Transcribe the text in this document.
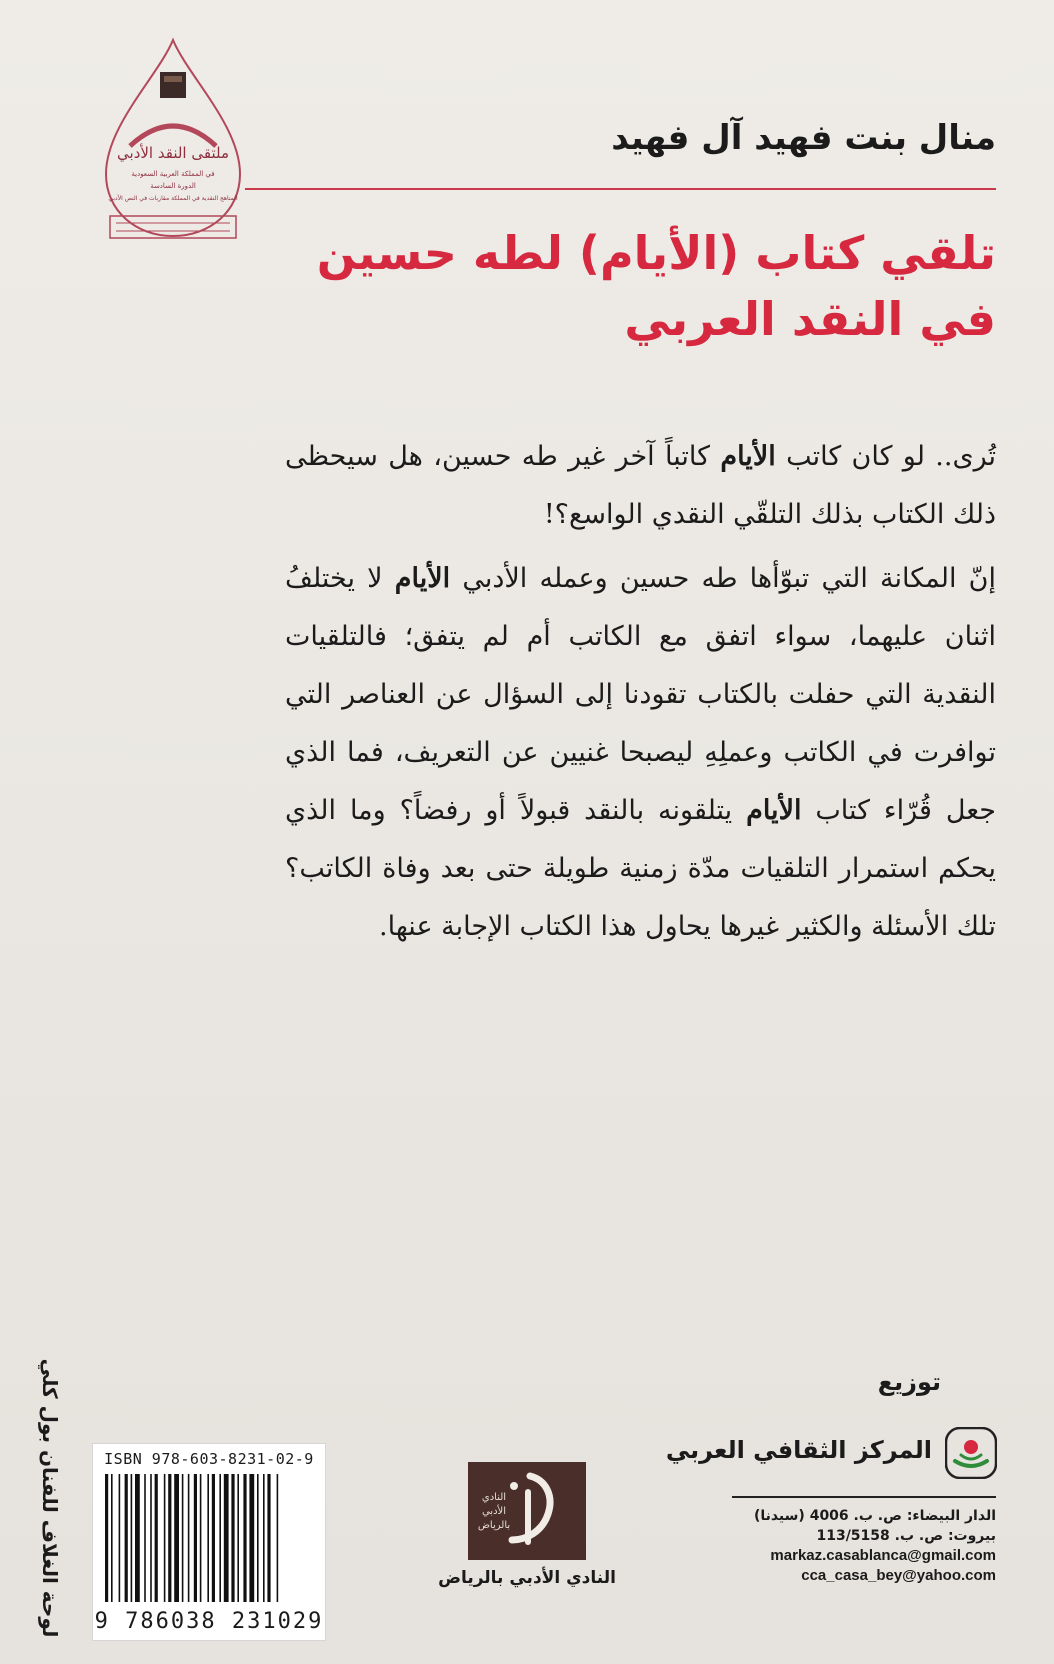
ملتقى النقد الأدبي
في المملكة العربية السعودية
الدورة السادسة
المناهج النقدية في المملكة مقاربات في النص الأدبي
منال بنت فهيد آل فهيد
تلقي كتاب (الأيام) لطه حسين
في النقد العربي

تُرى.. لو كان كاتب الأيام كاتباً آخر غير طه حسين، هل سيحظى ذلك الكتاب بذلك التلقّي النقدي الواسع؟!

إنّ المكانة التي تبوّأها طه حسين وعمله الأدبي الأيام لا يختلفُ اثنان عليهما، سواء اتفق مع الكاتب أم لم يتفق؛ فالتلقيات النقدية التي حفلت بالكتاب تقودنا إلى السؤال عن العناصر التي توافرت في الكاتب وعملِهِ ليصبحا غنيين عن التعريف، فما الذي جعل قُرّاء كتاب الأيام يتلقونه بالنقد قبولاً أو رفضاً؟ وما الذي يحكم استمرار التلقيات مدّة زمنية طويلة حتى بعد وفاة الكاتب؟ تلك الأسئلة والكثير غيرها يحاول هذا الكتاب الإجابة عنها.

لوحة الغلاف للفنان بول كلي	ISBN 978-603-8231-02-9
9 786038 231029
النادي
الأدبي
بالرياض
النادي الأدبي بالرياض
توزيع
المركز الثقافي العربي
الدار البيضاء: ص. ب. 4006 (سيدنا)
بيروت: ص. ب. 113/5158
markaz.casablanca@gmail.com
cca_casa_bey@yahoo.com
